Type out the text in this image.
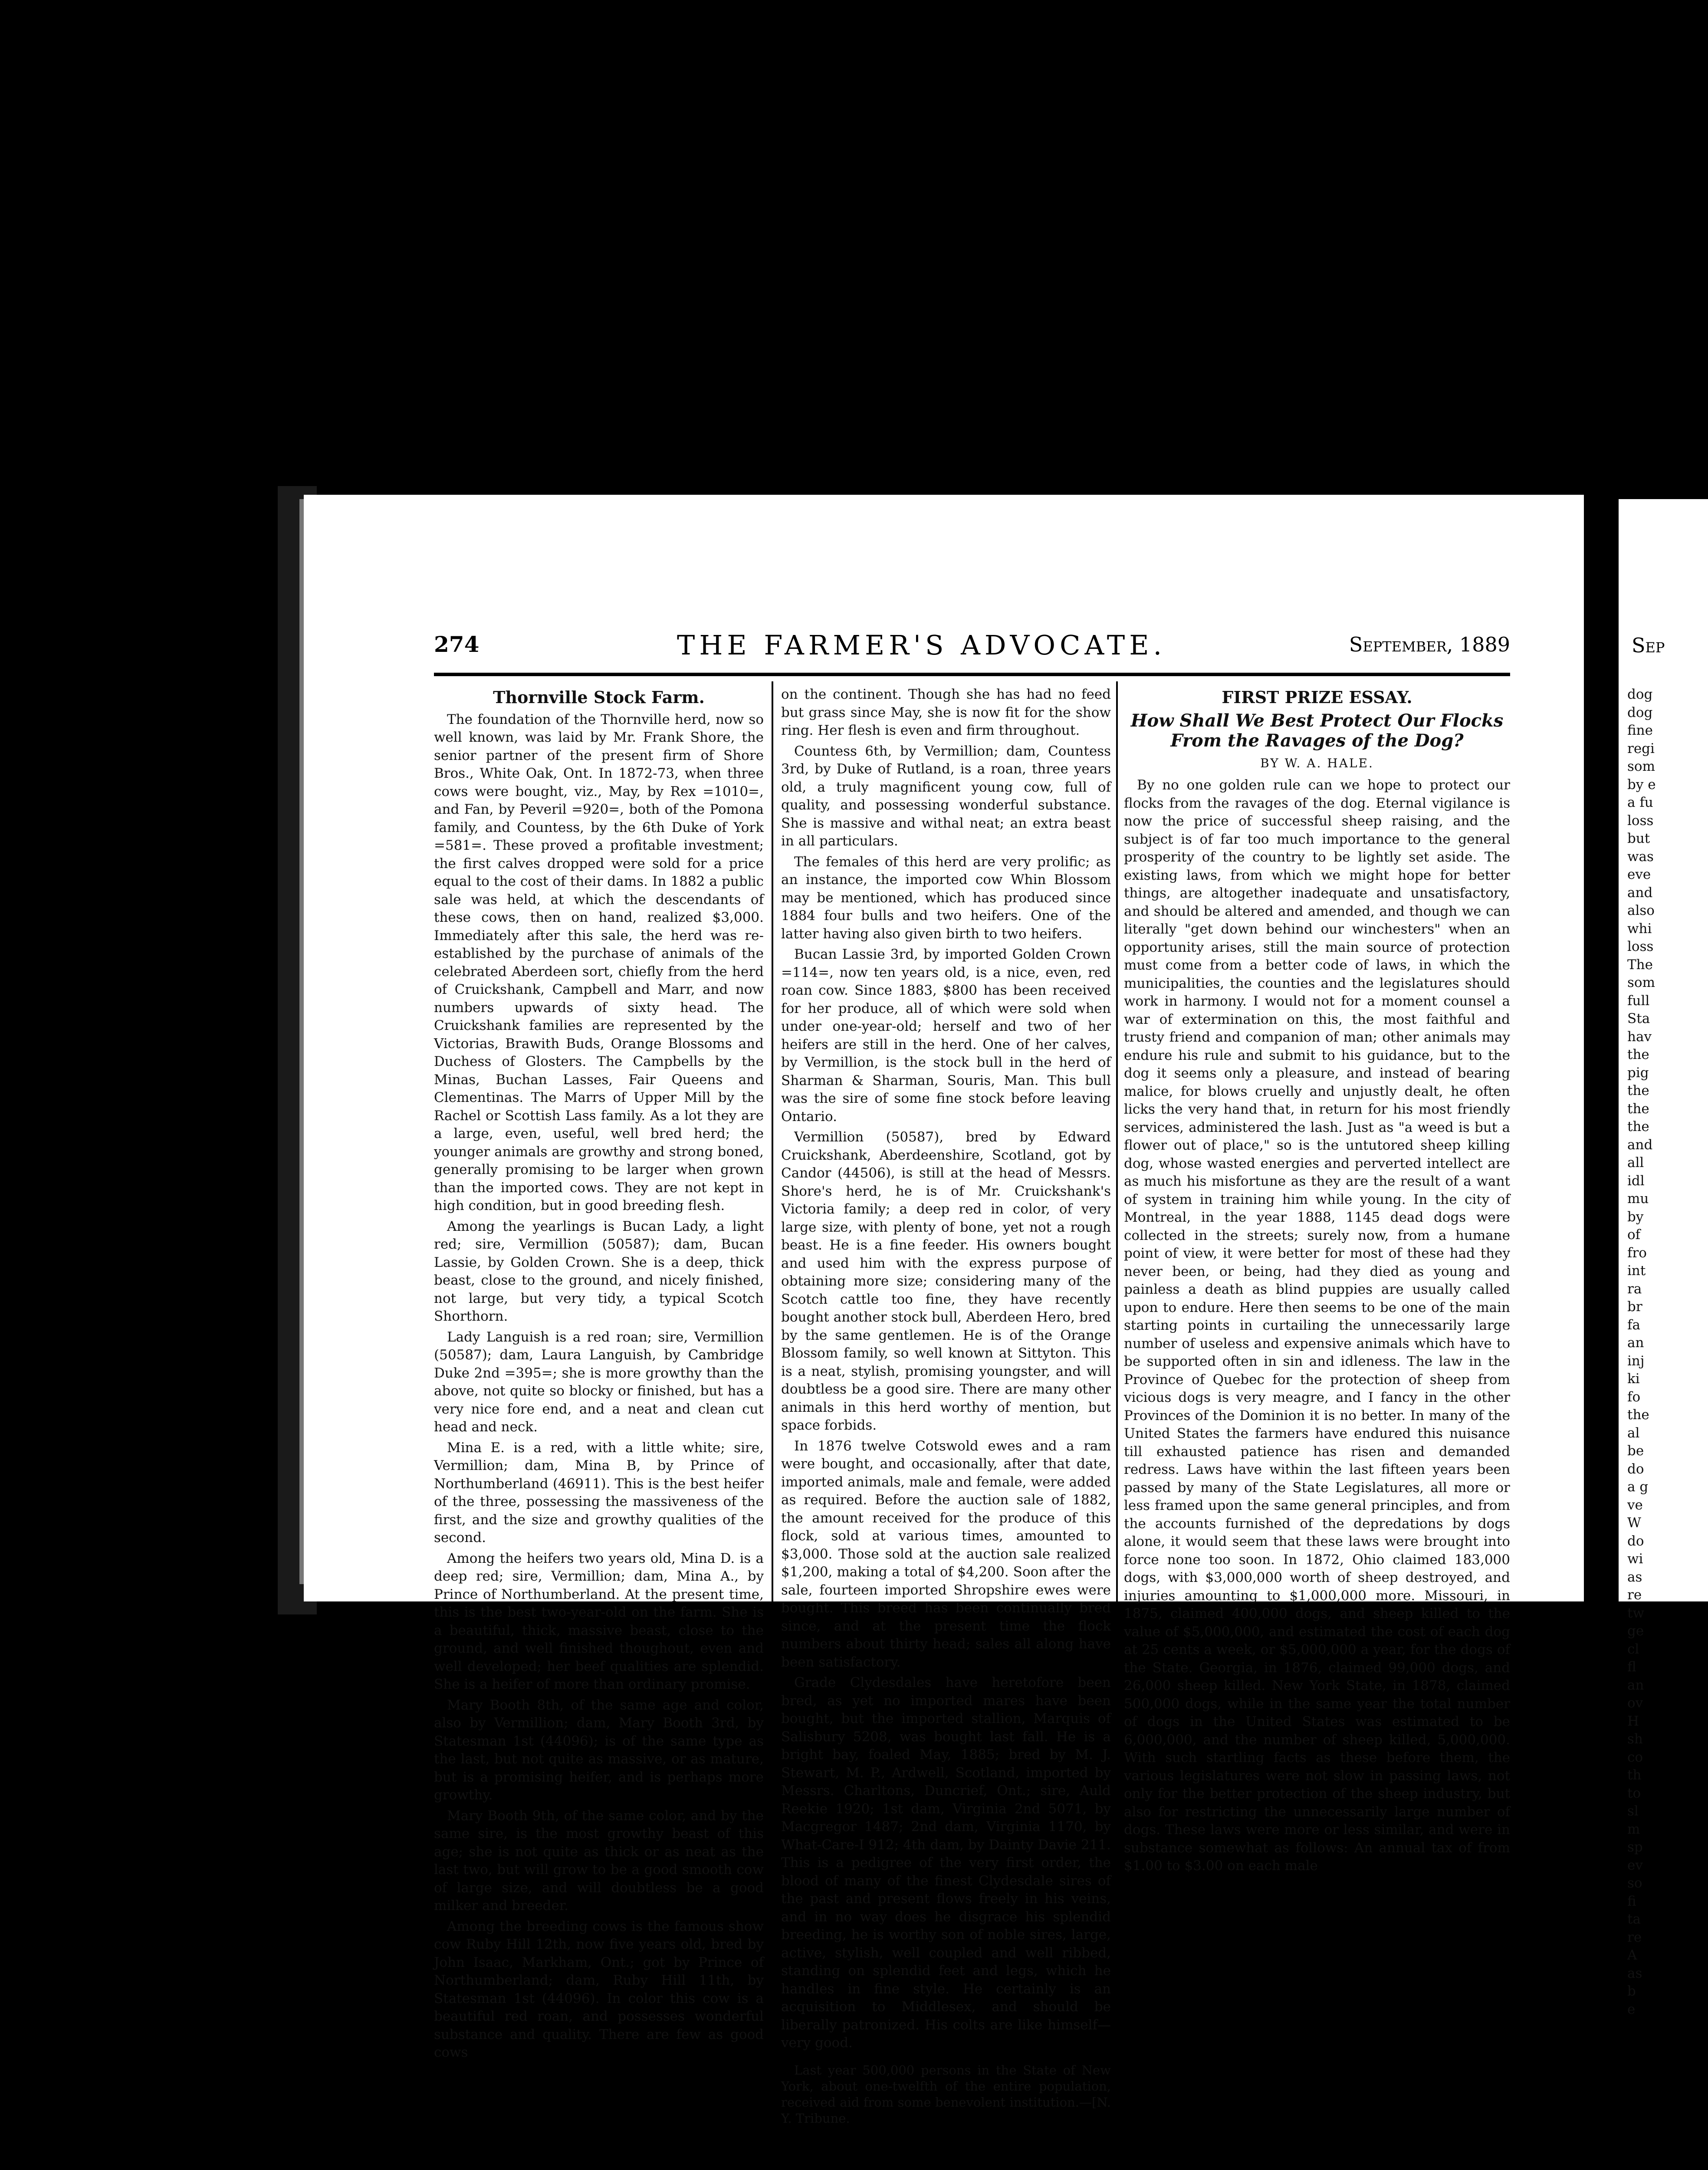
274	THE FARMER'S ADVOCATE.	September, 1889	Sep
Thornville Stock Farm.

The foundation of the Thornville herd, now so well known, was laid by Mr. Frank Shore, the senior partner of the present firm of Shore Bros., White Oak, Ont. In 1872-73, when three cows were bought, viz., May, by Rex =1010=, and Fan, by Peveril =920=, both of the Pomona family, and Countess, by the 6th Duke of York =581=. These proved a profitable investment; the first calves dropped were sold for a price equal to the cost of their dams. In 1882 a public sale was held, at which the descendants of these cows, then on hand, realized $3,000. Immediately after this sale, the herd was re-established by the purchase of animals of the celebrated Aberdeen sort, chiefly from the herd of Cruickshank, Campbell and Marr, and now numbers upwards of sixty head. The Cruickshank families are represented by the Victorias, Brawith Buds, Orange Blossoms and Duchess of Glosters. The Campbells by the Minas, Buchan Lasses, Fair Queens and Clementinas. The Marrs of Upper Mill by the Rachel or Scottish Lass family. As a lot they are a large, even, useful, well bred herd; the younger animals are growthy and strong boned, generally promising to be larger when grown than the imported cows. They are not kept in high condition, but in good breeding flesh.

Among the yearlings is Bucan Lady, a light red; sire, Vermillion (50587); dam, Bucan Lassie, by Golden Crown. She is a deep, thick beast, close to the ground, and nicely finished, not large, but very tidy, a typical Scotch Shorthorn.

Lady Languish is a red roan; sire, Vermillion (50587); dam, Laura Languish, by Cambridge Duke 2nd =395=; she is more growthy than the above, not quite so blocky or finished, but has a very nice fore end, and a neat and clean cut head and neck.

Mina E. is a red, with a little white; sire, Vermillion; dam, Mina B, by Prince of Northumberland (46911). This is the best heifer of the three, possessing the massiveness of the first, and the size and growthy qualities of the second.

Among the heifers two years old, Mina D. is a deep red; sire, Vermillion; dam, Mina A., by Prince of Northumberland. At the present time, this is the best two-year-old on the farm. She is a beautiful, thick, massive beast, close to the ground, and well finished thoughout, even and well developed; her beef qualities are splendid. She is a heifer of more than ordinary promise.

Mary Booth 8th, of the same age and color, also by Vermillion; dam, Mary Booth 3rd, by Statesman 1st (44096); is of the same type as the last, but not quite as massive, or as mature, but is a promising heifer, and is perhaps more growthy.

Mary Booth 9th, of the same color, and by the same sire, is the most growthy beast of this age; she is not quite as thick or as neat as the last two, but will grow to be a good smooth cow of large size, and will doubtless be a good milker and breeder.

Among the breeding cows is the famous show cow Ruby Hill 12th, now five years old, bred by John Isaac, Markham, Ont.; got by Prince of Northumberland; dam, Ruby Hill 11th, by Statesman 1st (44096). In color this cow is a beautiful red roan, and possesses wonderful substance and quality. There are few as good cows

on the continent. Though she has had no feed but grass since May, she is now fit for the show ring. Her flesh is even and firm throughout.

Countess 6th, by Vermillion; dam, Countess 3rd, by Duke of Rutland, is a roan, three years old, a truly magnificent young cow, full of quality, and possessing wonderful substance. She is massive and withal neat; an extra beast in all particulars.

The females of this herd are very prolific; as an instance, the imported cow Whin Blossom may be mentioned, which has produced since 1884 four bulls and two heifers. One of the latter having also given birth to two heifers.

Bucan Lassie 3rd, by imported Golden Crown =114=, now ten years old, is a nice, even, red roan cow. Since 1883, $800 has been received for her produce, all of which were sold when under one-year-old; herself and two of her heifers are still in the herd. One of her calves, by Vermillion, is the stock bull in the herd of Sharman & Sharman, Souris, Man. This bull was the sire of some fine stock before leaving Ontario.

Vermillion (50587), bred by Edward Cruickshank, Aberdeenshire, Scotland, got by Candor (44506), is still at the head of Messrs. Shore's herd, he is of Mr. Cruickshank's Victoria family; a deep red in color, of very large size, with plenty of bone, yet not a rough beast. He is a fine feeder. His owners bought and used him with the express purpose of obtaining more size; considering many of the Scotch cattle too fine, they have recently bought another stock bull, Aberdeen Hero, bred by the same gentlemen. He is of the Orange Blossom family, so well known at Sittyton. This is a neat, stylish, promising youngster, and will doubtless be a good sire. There are many other animals in this herd worthy of mention, but space forbids.

In 1876 twelve Cotswold ewes and a ram were bought, and occasionally, after that date, imported animals, male and female, were added as required. Before the auction sale of 1882, the amount received for the produce of this flock, sold at various times, amounted to $3,000. Those sold at the auction sale realized $1,200, making a total of $4,200. Soon after the sale, fourteen imported Shropshire ewes were bought. This breed has been continually bred since, and at the present time the flock numbers about thirty head; sales all along have been satisfactory.

Grade Clydesdales have heretofore been bred, as yet no imported mares have been bought, but the imported stallion, Marquis of Salisbury 5208, was bought last fall. He is a bright bay, foaled May, 1885; bred by M. J. Stewart, M. P., Ardwell, Scotland, imported by Messrs. Charltons, Duncrief, Ont.; sire, Auld Reekie 1920; 1st dam, Virginia 2nd 5071, by Macgregor 1487; 2nd dam, Virginia 1170, by What-Care-I 912; 4th dam, by Dainty Davie 211. This is a pedigree of the very first order, the blood of many of the finest Clydesdale sires of the past and present flows freely in his veins, and in no way does he disgrace his splendid breeding, he is worthy son of noble sires, large, active, stylish, well coupled and well ribbed, standing on splendid feet and legs, which he handles in fine style. He certainly is an acquisition to Middlesex, and should be liberally patronized. His colts are like himself—very good.

Last year 500,000 persons in the State of New York, about one-twelfth of the entire population, received aid from some benevolent institution.—[N. Y. Tribune.

FIRST PRIZE ESSAY.
How Shall We Best Protect Our Flocks From the Ravages of the Dog?
BY W. A. HALE.

By no one golden rule can we hope to protect our flocks from the ravages of the dog. Eternal vigilance is now the price of successful sheep raising, and the subject is of far too much importance to the general prosperity of the country to be lightly set aside. The existing laws, from which we might hope for better things, are altogether inadequate and unsatisfactory, and should be altered and amended, and though we can literally "get down behind our winchesters" when an opportunity arises, still the main source of protection must come from a better code of laws, in which the municipalities, the counties and the legislatures should work in harmony. I would not for a moment counsel a war of extermination on this, the most faithful and trusty friend and companion of man; other animals may endure his rule and submit to his guidance, but to the dog it seems only a pleasure, and instead of bearing malice, for blows cruelly and unjustly dealt, he often licks the very hand that, in return for his most friendly services, administered the lash. Just as "a weed is but a flower out of place," so is the untutored sheep killing dog, whose wasted energies and perverted intellect are as much his misfortune as they are the result of a want of system in training him while young. In the city of Montreal, in the year 1888, 1145 dead dogs were collected in the streets; surely now, from a humane point of view, it were better for most of these had they never been, or being, had they died as young and painless a death as blind puppies are usually called upon to endure. Here then seems to be one of the main starting points in curtailing the unnecessarily large number of useless and expensive animals which have to be supported often in sin and idleness. The law in the Province of Quebec for the protection of sheep from vicious dogs is very meagre, and I fancy in the other Provinces of the Dominion it is no better. In many of the United States the farmers have endured this nuisance till exhausted patience has risen and demanded redress. Laws have within the last fifteen years been passed by many of the State Legislatures, all more or less framed upon the same general principles, and from the accounts furnished of the depredations by dogs alone, it would seem that these laws were brought into force none too soon. In 1872, Ohio claimed 183,000 dogs, with $3,000,000 worth of sheep destroyed, and injuries amounting to $1,000,000 more. Missouri, in 1875, claimed 400,000 dogs, and sheep killed to the value of $5,000,000, and estimated the cost of each dog at 25 cents a week, or $5,000,000 a year, for the dogs of the State. Georgia, in 1876, claimed 99,000 dogs, and 26,000 sheep killed. New York State, in 1878, claimed 500,000 dogs, while in the same year the total number of dogs in the United States was estimated to be 6,000,000, and the number of sheep killed, 5,000,000. With such startling facts as these before them, the various legislatures were not slow in passing laws, not only for the better protection of the sheep industry, but also for restricting the unnecessarily large number of dogs. These laws were more or less similar, and were in substance somewhat as follows: An annual tax of from $1.00 to $3.00 on each male

dog
dog
fine
regi
som
by e
a fu
loss
but
was
eve
and
also
whi
loss
The
som
full
Sta
hav
the
pig
the
the
the
and
all
idl
mu
by
of
fro
int
ra
br
fa
an
inj
ki
fo
the
al
be
do
a g
ve
W
do
wi
as
re
tw
ge
cl
fl
an
ov
H
sh
co
th
to
sl
m
sp
ev
so
fi
ta
re
A
as
b
e
